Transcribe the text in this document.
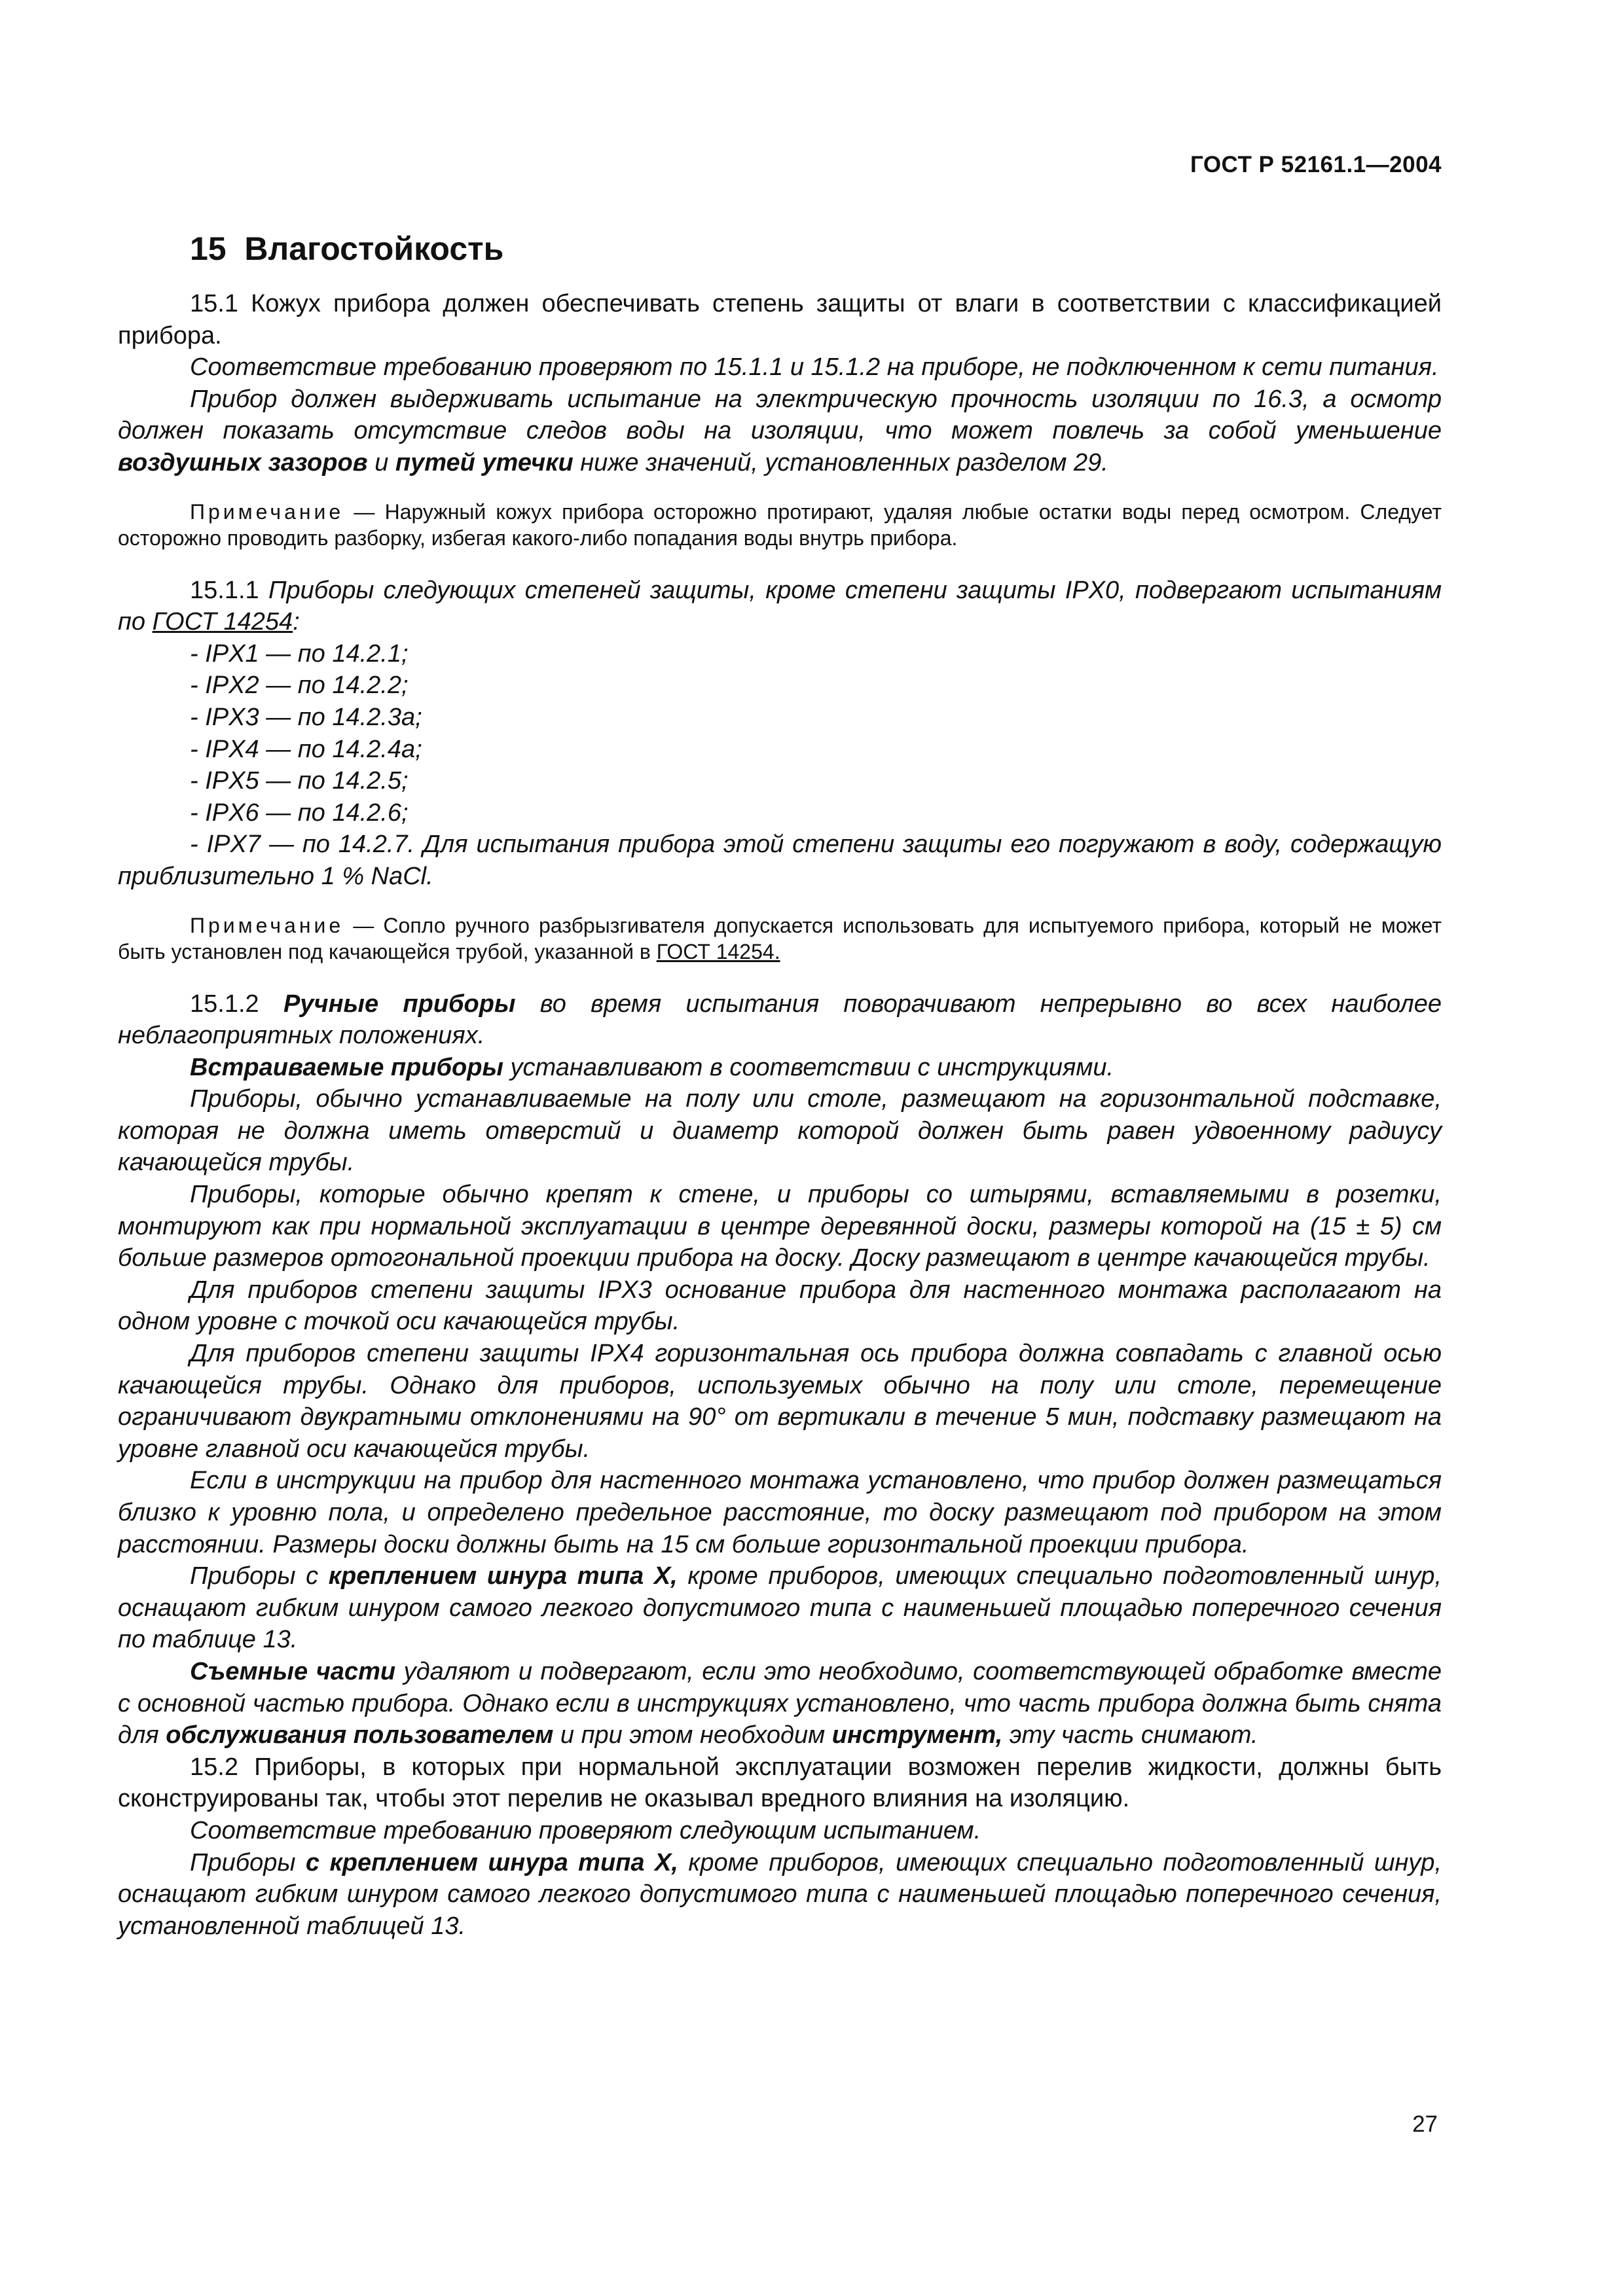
ГОСТ Р 52161.1—2004
15 Влагостойкость

15.1 Кожух прибора должен обеспечивать степень защиты от влаги в соответствии с классификацией прибора.

Соответствие требованию проверяют по 15.1.1 и 15.1.2 на приборе, не подключенном к сети питания.

Прибор должен выдерживать испытание на электрическую прочность изоляции по 16.3, а осмотр должен показать отсутствие следов воды на изоляции, что может повлечь за собой уменьшение воздушных зазоров и путей утечки ниже значений, установленных разделом 29.

Примечание — Наружный кожух прибора осторожно протирают, удаляя любые остатки воды перед осмотром. Следует осторожно проводить разборку, избегая какого-либо попадания воды внутрь прибора.

15.1.1 Приборы следующих степеней защиты, кроме степени защиты IPX0, подвергают испытаниям по ГОСТ 14254:

- IPX1 — по 14.2.1;

- IPX2 — по 14.2.2;

- IPX3 — по 14.2.3а;

- IPX4 — по 14.2.4а;

- IPX5 — по 14.2.5;

- IPX6 — по 14.2.6;

- IPX7 — по 14.2.7. Для испытания прибора этой степени защиты его погружают в воду, содержащую приблизительно 1 % NaCl.

Примечание — Сопло ручного разбрызгивателя допускается использовать для испытуемого прибора, который не может быть установлен под качающейся трубой, указанной в ГОСТ 14254.

15.1.2 Ручные приборы во время испытания поворачивают непрерывно во всех наиболее неблагоприятных положениях.

Встраиваемые приборы устанавливают в соответствии с инструкциями.

Приборы, обычно устанавливаемые на полу или столе, размещают на горизонтальной подставке, которая не должна иметь отверстий и диаметр которой должен быть равен удвоенному радиусу качающейся трубы.

Приборы, которые обычно крепят к стене, и приборы со штырями, вставляемыми в розетки, монтируют как при нормальной эксплуатации в центре деревянной доски, размеры которой на (15 ± 5) см больше размеров ортогональной проекции прибора на доску. Доску размещают в центре качающейся трубы.

Для приборов степени защиты IPX3 основание прибора для настенного монтажа располагают на одном уровне с точкой оси качающейся трубы.

Для приборов степени защиты IPX4 горизонтальная ось прибора должна совпадать с главной осью качающейся трубы. Однако для приборов, используемых обычно на полу или столе, перемещение ограничивают двукратными отклонениями на 90° от вертикали в течение 5 мин, подставку размещают на уровне главной оси качающейся трубы.

Если в инструкции на прибор для настенного монтажа установлено, что прибор должен размещаться близко к уровню пола, и определено предельное расстояние, то доску размещают под прибором на этом расстоянии. Размеры доски должны быть на 15 см больше горизонтальной проекции прибора.

Приборы с креплением шнура типа X, кроме приборов, имеющих специально подготовленный шнур, оснащают гибким шнуром самого легкого допустимого типа с наименьшей площадью поперечного сечения по таблице 13.

Съемные части удаляют и подвергают, если это необходимо, соответствующей обработке вместе с основной частью прибора. Однако если в инструкциях установлено, что часть прибора должна быть снята для обслуживания пользователем и при этом необходим инструмент, эту часть снимают.

15.2 Приборы, в которых при нормальной эксплуатации возможен перелив жидкости, должны быть сконструированы так, чтобы этот перелив не оказывал вредного влияния на изоляцию.

Соответствие требованию проверяют следующим испытанием.

Приборы с креплением шнура типа X, кроме приборов, имеющих специально подготовленный шнур, оснащают гибким шнуром самого легкого допустимого типа с наименьшей площадью поперечного сечения, установленной таблицей 13.

27
